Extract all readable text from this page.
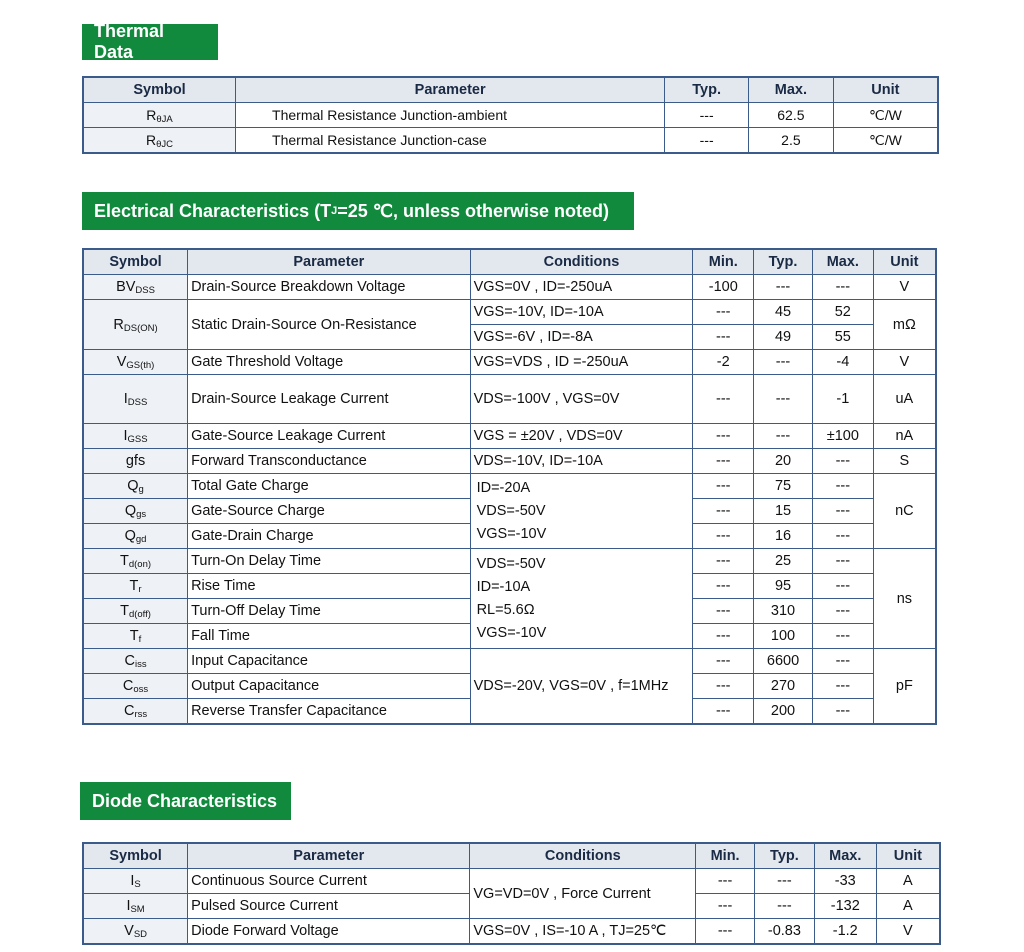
Thermal Data
Symbol	Parameter	Typ.	Max.	Unit
$R_{\theta JA}$	Thermal Resistance Junction-ambient	---	62.5	℃/W
$R_{\theta JC}$	Thermal Resistance Junction-case	---	2.5	℃/W
Electrical Characteristics (T J =25 ℃, unless otherwise noted)
Symbol	Parameter	Conditions	Min.	Typ.	Max.	Unit
$BV_{DSS}$	Drain-Source Breakdown Voltage	VGS=0V , ID=-250uA	-100	---	---	V
$R_{DS(ON)}$	Static Drain-Source On-Resistance	VGS=-10V, ID=-10A	---	45	52	mΩ
		VGS=-6V , ID=-8A	---	49	55	
$V_{GS(th)}$	Gate Threshold Voltage	VGS=VDS , ID =-250uA	-2	---	-4	V
$I_{DSS}$	Drain-Source Leakage Current	VDS=-100V , VGS=0V	---	---	-1	uA
$I_{GSS}$	Gate-Source Leakage Current	VGS = ±20V , VDS=0V	---	---	±100	nA
gfs	Forward Transconductance	VDS=-10V, ID=-10A	---	20	---	S
$Q_g$	Total Gate Charge	ID=-20A
VDS=-50V
VGS=-10V	---	75	---	nC
$Q_{gs}$	Gate-Source Charge		---	15	---	
$Q_{gd}$	Gate-Drain Charge		---	16	---	
$T_{d(on)}$	Turn-On Delay Time	VDS=-50V
ID=-10A
RL=5.6Ω
VGS=-10V	---	25	---	ns
$T_r$	Rise Time		---	95	---	
$T_{d(off)}$	Turn-Off Delay Time		---	310	---	
$T_f$	Fall Time		---	100	---	
$C_{iss}$	Input Capacitance	VDS=-20V, VGS=0V , f=1MHz	---	6600	---	pF
$C_{oss}$	Output Capacitance		---	270	---	
$C_{rss}$	Reverse Transfer Capacitance		---	200	---	
Diode Characteristics
Symbol	Parameter	Conditions	Min.	Typ.	Max.	Unit
$I_S$	Continuous Source Current	VG=VD=0V , Force Current	---	---	-33	A
$I_{SM}$	Pulsed Source Current		---	---	-132	A
$V_{SD}$	Diode Forward Voltage	VGS=0V , IS=-10 A , TJ=25℃	---	-0.83	-1.2	V
